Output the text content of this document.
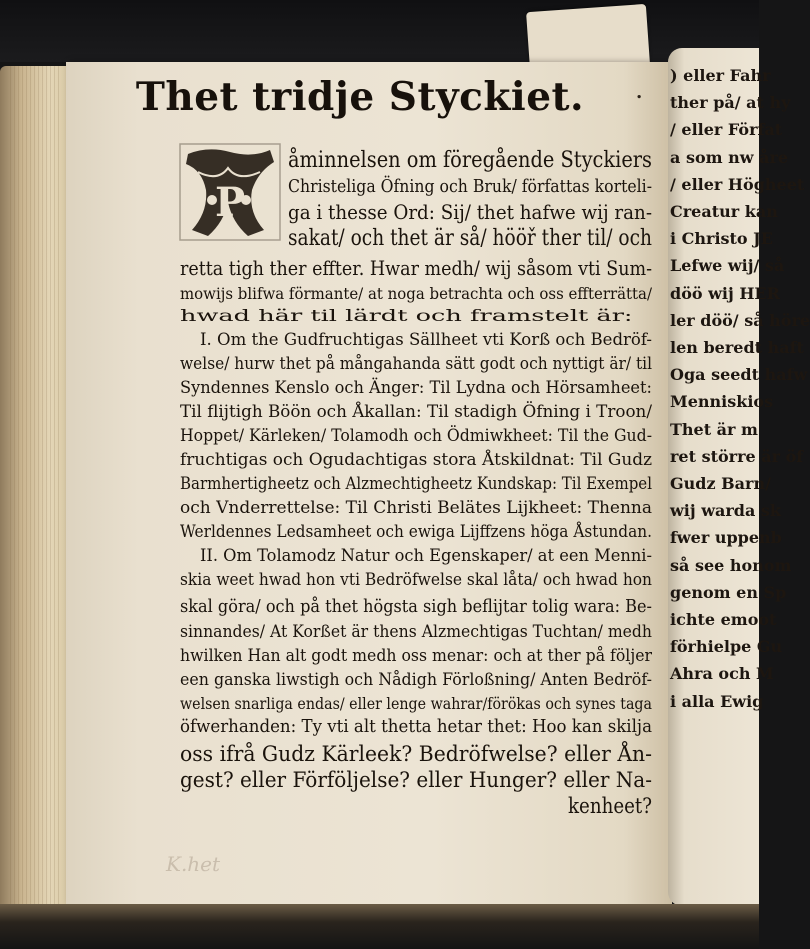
.
K.het
Thet tridje Styckiet.
P
åminnelsen om föregående Styckiers
Christeliga Öfning och Bruk/ författas korteli-
ga i thesse Ord: Sij/ thet hafwe wij ran-
sakat/ och thet är så/ hööř ther til/ och
retta tigh ther effter. Hwar medh/ wij såsom vti Sum-
mowijs blifwa förmante/ at noga betrachta och oss effterrätta/
hwad här til lärdt och framstelt är:
I. Om the Gudfruchtigas Sällheet vti Korß och Bedröf-
welse/ hurw thet på mångahanda sätt godt och nyttigt är/ til
Syndennes Kenslo och Änger: Til Lydna och Hörsamheet:
Til flijtigh Böön och Åkallan: Til stadigh Öfning i Troon/
Hoppet/ Kärleken/ Tolamodh och Ödmiwkheet: Til the Gud-
fruchtigas och Ogudachtigas stora Åtskildnat: Til Gudz
Barmhertigheetz och Alzmechtigheetz Kundskap: Til Exempel
och Vnderrettelse: Til Christi Belätes Lijkheet: Thenna
Werldennes Ledsamheet och ewiga Lijffzens höga Åstundan.
II. Om Tolamodz Natur och Egenskaper/ at een Menni-
skia weet hwad hon vti Bedröfwelse skal låta/ och hwad hon
skal göra/ och på thet högsta sigh beflijtar tolig wara: Be-
sinnandes/ At Korßet är thens Alzmechtigas Tuchtan/ medh
hwilken Han alt godt medh oss menar: och at ther på följer
een ganska liwstigh och Nådigh Förloßning/ Anten Bedröf-
welsen snarliga endas/ eller lenge wahrar/förökas och synes taga
öfwerhanden: Ty vti alt thetta hetar thet: Hoo kan skilja
oss ifrå Gudz Kärleek? Bedröfwelse? eller Ån-
gest? eller Förföljelse? eller Hunger? eller Na-
kenheet?
) eller Fahr
ther på/ at hy
/ eller Förfat
a som nw åre
/ eller Högheet
Creatur kan
i Christo JE
Lefwe wij/ så
döö wij HER
ler döö/ så höre
len beredt haft
Oga seedt hafw
Menniskios
Thet är m
ret större är öf
Gudz Barn/
wij warda sk
fwer uppenb
så see honom
genom en Sp
ichte emoot
förhielpe Gu
Ahra och M
i alla Ewig
